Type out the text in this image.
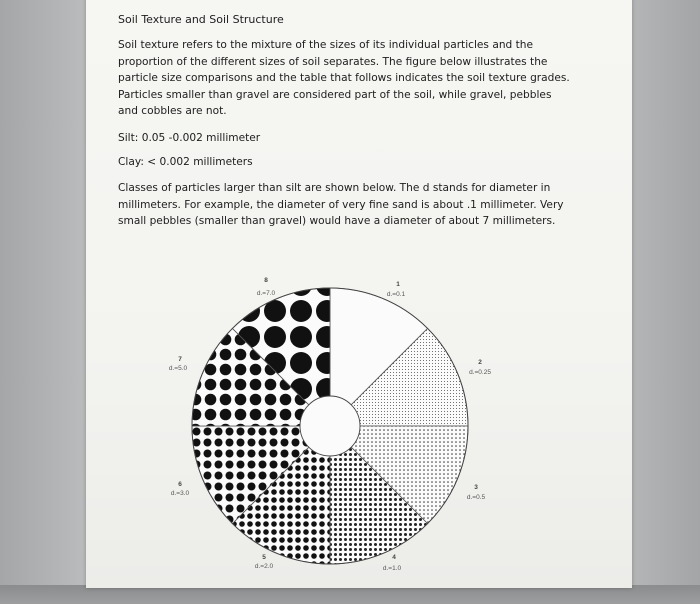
Soil Texture and Soil Structure
Soil texture refers to the mixture of the sizes of its individual particles and the proportion of the different sizes of soil separates. The figure below illustrates the particle size comparisons and the table that follows indicates the soil texture grades. Particles smaller than gravel are considered part of the soil, while gravel, pebbles and cobbles are not.
Silt: 0.05 -0.002 millimeter
Clay: < 0.002 millimeters
Classes of particles larger than silt are shown below. The d stands for diameter in millimeters. For example, the diameter of very fine sand is about .1 millimeter. Very small pebbles (smaller than gravel) would have a diameter of about 7 millimeters.
8
d.=7.0
1
d.=0.1
7
d.=5.0
2
d.=0.25
6
d.=3.0
3
d.=0.5
5
d.=2.0
4
d.=1.0
